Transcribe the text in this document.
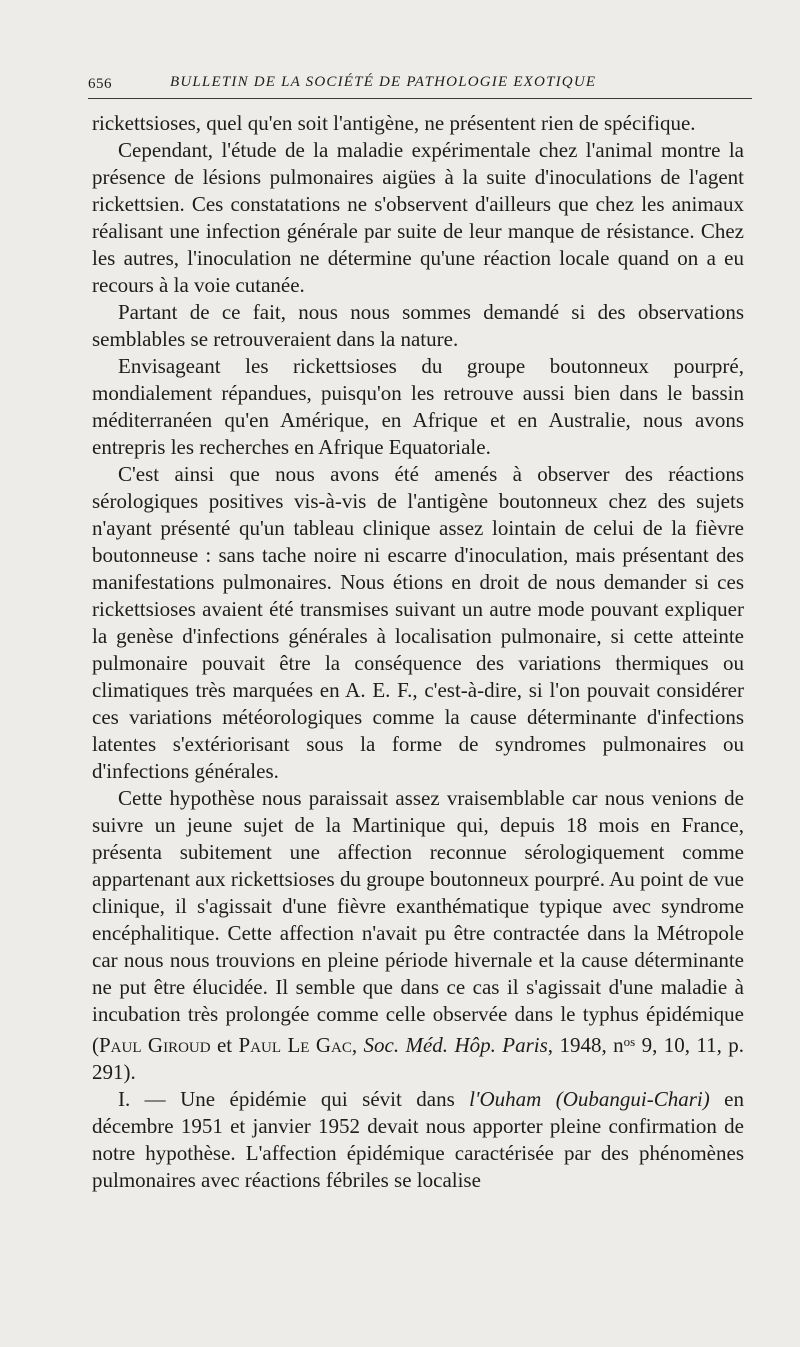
656	BULLETIN DE LA SOCIÉTÉ DE PATHOLOGIE EXOTIQUE

rickettsioses, quel qu'en soit l'antigène, ne présentent rien de spécifique.

Cependant, l'étude de la maladie expérimentale chez l'animal montre la présence de lésions pulmonaires aigües à la suite d'inoculations de l'agent rickettsien. Ces constatations ne s'observent d'ailleurs que chez les animaux réalisant une infection générale par suite de leur manque de résistance. Chez les autres, l'inoculation ne détermine qu'une réaction locale quand on a eu recours à la voie cutanée.

Partant de ce fait, nous nous sommes demandé si des observations semblables se retrouveraient dans la nature.

Envisageant les rickettsioses du groupe boutonneux pourpré, mondialement répandues, puisqu'on les retrouve aussi bien dans le bassin méditerranéen qu'en Amérique, en Afrique et en Australie, nous avons entrepris les recherches en Afrique Equatoriale.

C'est ainsi que nous avons été amenés à observer des réactions sérologiques positives vis-à-vis de l'antigène boutonneux chez des sujets n'ayant présenté qu'un tableau clinique assez lointain de celui de la fièvre boutonneuse : sans tache noire ni escarre d'inoculation, mais présentant des manifestations pulmonaires. Nous étions en droit de nous demander si ces rickettsioses avaient été transmises suivant un autre mode pouvant expliquer la genèse d'infections générales à localisation pulmonaire, si cette atteinte pulmonaire pouvait être la conséquence des variations thermiques ou climatiques très marquées en A. E. F., c'est-à-dire, si l'on pouvait considérer ces variations météorologiques comme la cause déterminante d'infections latentes s'extériorisant sous la forme de syndromes pulmonaires ou d'infections générales.

Cette hypothèse nous paraissait assez vraisemblable car nous venions de suivre un jeune sujet de la Martinique qui, depuis 18 mois en France, présenta subitement une affection reconnue sérologiquement comme appartenant aux rickettsioses du groupe boutonneux pourpré. Au point de vue clinique, il s'agissait d'une fièvre exanthématique typique avec syndrome encéphalitique. Cette affection n'avait pu être contractée dans la Métropole car nous nous trouvions en pleine période hivernale et la cause déterminante ne put être élucidée. Il semble que dans ce cas il s'agissait d'une maladie à incubation très prolongée comme celle observée dans le typhus épidémique (Paul Giroud et Paul Le Gac, Soc. Méd. Hôp. Paris, 1948, $n^{os}$ 9, 10, 11, p. 291).

I. — Une épidémie qui sévit dans l'Ouham (Oubangui-Chari) en décembre 1951 et janvier 1952 devait nous apporter pleine confirmation de notre hypothèse. L'affection épidémique caractérisée par des phénomènes pulmonaires avec réactions fébriles se localise
